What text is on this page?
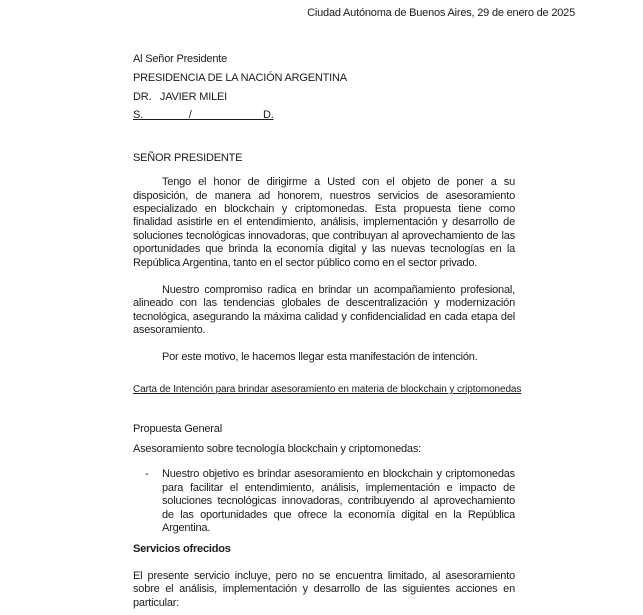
Ciudad Autónoma de Buenos Aires, 29 de enero de 2025
Al Señor Presidente
PRESIDENCIA DE LA NACIÓN ARGENTINA
DR.   JAVIER MILEI
S.                /                         D.
SEÑOR PRESIDENTE

Tengo el honor de dirigirme a Usted con el objeto de poner a su disposición, de manera ad honorem, nuestros servicios de asesoramiento especializado en blockchain y criptomonedas. Esta propuesta tiene como finalidad asistirle en el entendimiento, análisis, implementación y desarrollo de soluciones tecnológicas innovadoras, que contribuyan al aprovechamiento de las oportunidades que brinda la economía digital y las nuevas tecnologías en la República Argentina, tanto en el sector público como en el sector privado.

Nuestro compromiso radica en brindar un acompañamiento profesional, alineado con las tendencias globales de descentralización y modernización tecnológica, asegurando la máxima calidad y confidencialidad en cada etapa del asesoramiento.

Por este motivo, le hacemos llegar esta manifestación de intención.

Carta de Intención para brindar asesoramiento en materia de blockchain y criptomonedas
Propuesta General
Asesoramiento sobre tecnología blockchain y criptomonedas:
-	Nuestro objetivo es brindar asesoramiento en blockchain y criptomonedas para facilitar el entendimiento, análisis, implementación e impacto de soluciones tecnológicas innovadoras, contribuyendo al aprovechamiento de las oportunidades que ofrece la economía digital en la República Argentina.
Servicios ofrecidos
El presente servicio incluye, pero no se encuentra limitado, al asesoramiento sobre el análisis, implementación y desarrollo de las siguientes acciones en particular:
